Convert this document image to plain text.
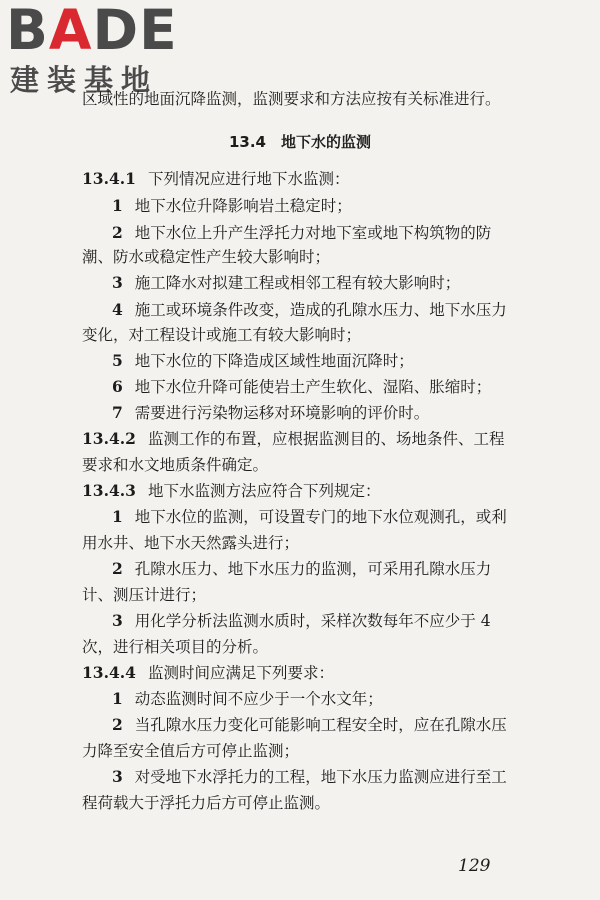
BADE
建装基地
区域性的地面沉降监测，监测要求和方法应按有关标准进行。
13.4　地下水的监测
13.4.1 下列情况应进行地下水监测：
1 地下水位升降影响岩土稳定时；
2 地下水位上升产生浮托力对地下室或地下构筑物的防
潮、防水或稳定性产生较大影响时；
3 施工降水对拟建工程或相邻工程有较大影响时；
4 施工或环境条件改变，造成的孔隙水压力、地下水压力
变化，对工程设计或施工有较大影响时；
5 地下水位的下降造成区域性地面沉降时；
6 地下水位升降可能使岩土产生软化、湿陷、胀缩时；
7 需要进行污染物运移对环境影响的评价时。
13.4.2 监测工作的布置，应根据监测目的、场地条件、工程
要求和水文地质条件确定。
13.4.3 地下水监测方法应符合下列规定：
1 地下水位的监测，可设置专门的地下水位观测孔，或利
用水井、地下水天然露头进行；
2 孔隙水压力、地下水压力的监测，可采用孔隙水压力
计、测压计进行；
3 用化学分析法监测水质时，采样次数每年不应少于 4
次，进行相关项目的分析。
13.4.4 监测时间应满足下列要求：
1 动态监测时间不应少于一个水文年；
2 当孔隙水压力变化可能影响工程安全时，应在孔隙水压
力降至安全值后方可停止监测；
3 对受地下水浮托力的工程，地下水压力监测应进行至工
程荷载大于浮托力后方可停止监测。
129
